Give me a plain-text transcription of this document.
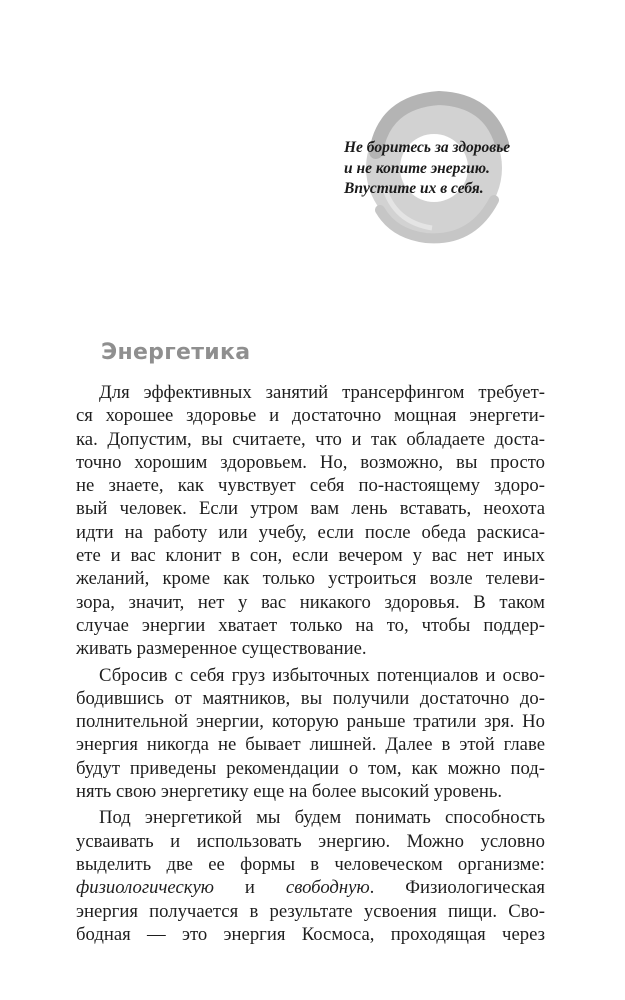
Не боритесь за здоровье
и не копите энергию.
Впустите их в себя.
Энергетика
Для эффективных занятий трансерфингом требует-
ся хорошее здоровье и достаточно мощная энергети-
ка. Допустим, вы считаете, что и так обладаете доста-
точно хорошим здоровьем. Но, возможно, вы просто
не знаете, как чувствует себя по-настоящему здоро-
вый человек. Если утром вам лень вставать, неохота
идти на работу или учебу, если после обеда раскиса-
ете и вас клонит в сон, если вечером у вас нет иных
желаний, кроме как только устроиться возле телеви-
зора, значит, нет у вас никакого здоровья. В таком
случае энергии хватает только на то, чтобы поддер-
живать размеренное существование.
Сбросив с себя груз избыточных потенциалов и осво-
бодившись от маятников, вы получили достаточно до-
полнительной энергии, которую раньше тратили зря. Но
энергия никогда не бывает лишней. Далее в этой главе
будут приведены рекомендации о том, как можно под-
нять свою энергетику еще на более высокий уровень.
Под энергетикой мы будем понимать способность
усваивать и использовать энергию. Можно условно
выделить две ее формы в человеческом организме:
физиологическую и свободную. Физиологическая
энергия получается в результате усвоения пищи. Сво-
бодная — это энергия Космоса, проходящая через
